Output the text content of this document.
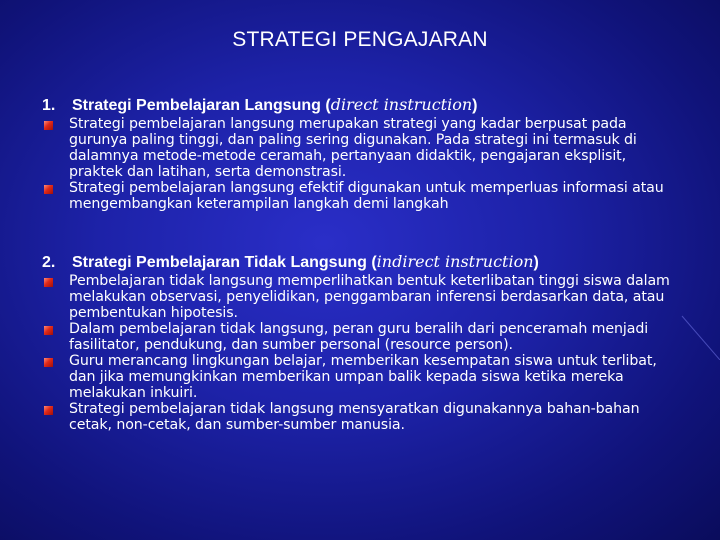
STRATEGI PENGAJARAN
1. Strategi Pembelajaran Langsung (direct instruction)
Strategi pembelajaran langsung merupakan strategi yang kadar berpusat pada gurunya paling tinggi, dan paling sering digunakan. Pada strategi ini termasuk di dalamnya metode-metode ceramah, pertanyaan didaktik, pengajaran eksplisit, praktek dan latihan, serta demonstrasi.
Strategi pembelajaran langsung efektif digunakan untuk memperluas informasi atau mengembangkan keterampilan langkah demi langkah
2. Strategi Pembelajaran Tidak Langsung (indirect instruction)
Pembelajaran tidak langsung memperlihatkan bentuk keterlibatan tinggi siswa dalam melakukan observasi, penyelidikan, penggambaran inferensi berdasarkan data, atau pembentukan hipotesis.
Dalam pembelajaran tidak langsung, peran guru beralih dari penceramah menjadi fasilitator, pendukung, dan sumber personal (resource person).
Guru merancang lingkungan belajar, memberikan kesempatan siswa untuk terlibat, dan jika memungkinkan memberikan umpan balik kepada siswa ketika mereka melakukan inkuiri.
Strategi pembelajaran tidak langsung mensyaratkan digunakannya bahan-bahan cetak, non-cetak, dan sumber-sumber manusia.
